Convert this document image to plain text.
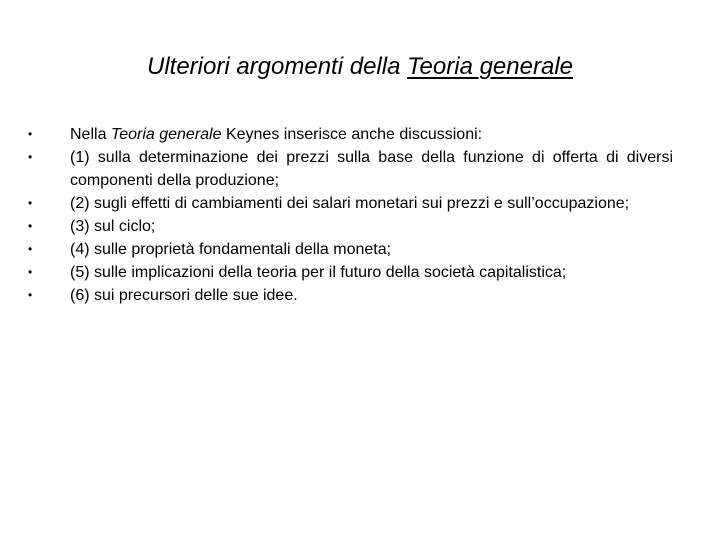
Ulteriori argomenti della Teoria generale
• Nella Teoria generale Keynes inserisce anche discussioni:
• (1) sulla determinazione dei prezzi sulla base della funzione di offerta di diversi componenti della produzione;
• (2) sugli effetti di cambiamenti dei salari monetari sui prezzi e sull’occupazione;
• (3) sul ciclo;
• (4) sulle proprietà fondamentali della moneta;
• (5) sulle implicazioni della teoria per il futuro della società capitalistica;
• (6) sui precursori delle sue idee.
